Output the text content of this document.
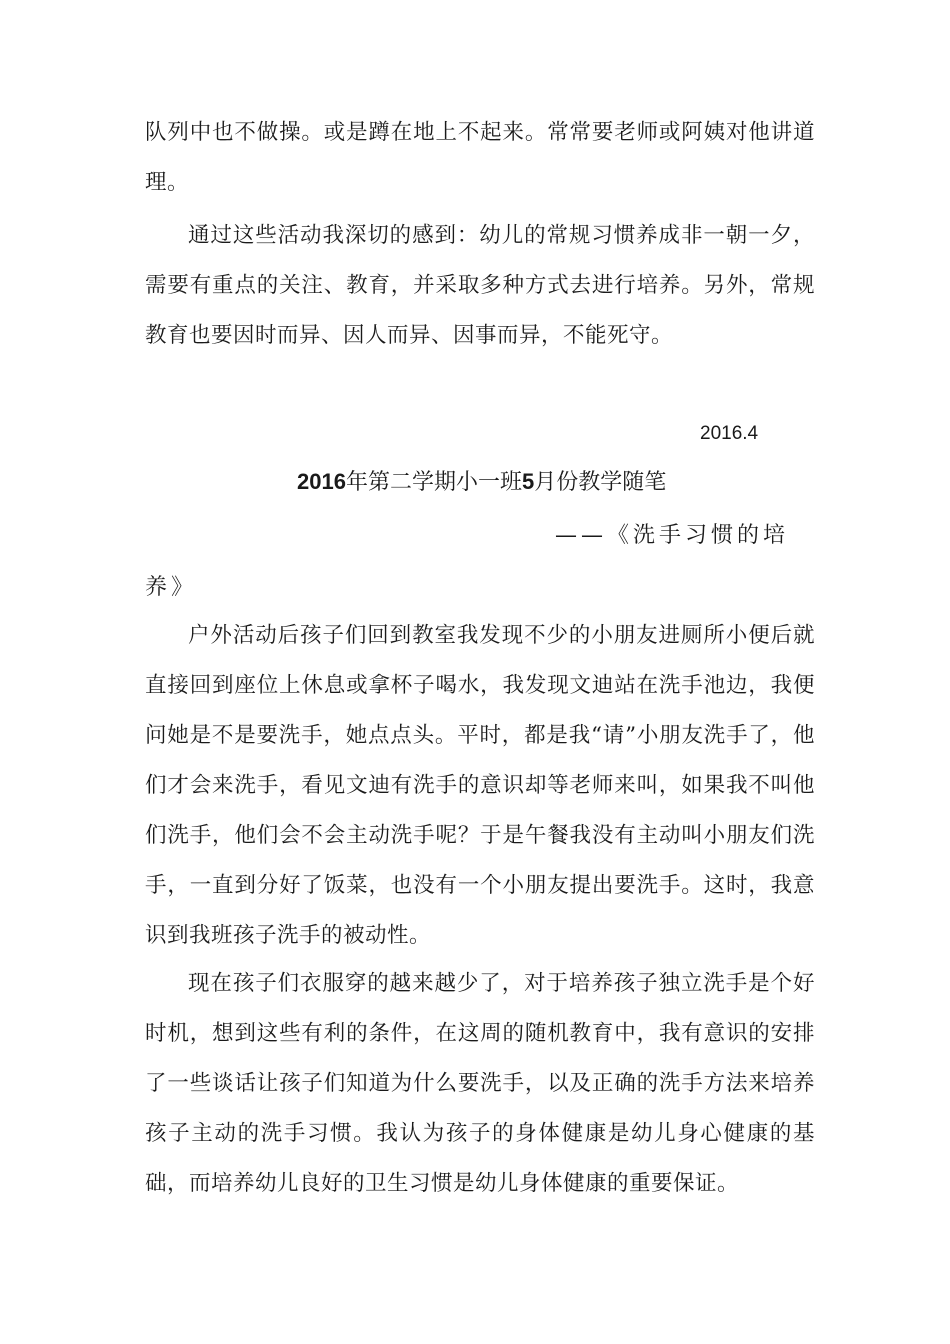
队列中也不做操。或是蹲在地上不起来。常常要老师或阿姨对他讲道理。

通过这些活动我深切的感到：幼儿的常规习惯养成非一朝一夕，需要有重点的关注、教育，并采取多种方式去进行培养。另外，常规教育也要因时而异、因人而异、因事而异，不能死守。

2016.4

2016年第二学期小一班5月份教学随笔

——《洗手习惯的培养》

户外活动后孩子们回到教室我发现不少的小朋友进厕所小便后就直接回到座位上休息或拿杯子喝水，我发现文迪站在洗手池边，我便问她是不是要洗手，她点点头。平时，都是我“请”小朋友洗手了，他们才会来洗手，看见文迪有洗手的意识却等老师来叫，如果我不叫他们洗手，他们会不会主动洗手呢？于是午餐我没有主动叫小朋友们洗手，一直到分好了饭菜，也没有一个小朋友提出要洗手。这时，我意识到我班孩子洗手的被动性。

现在孩子们衣服穿的越来越少了，对于培养孩子独立洗手是个好时机，想到这些有利的条件，在这周的随机教育中，我有意识的安排了一些谈话让孩子们知道为什么要洗手，以及正确的洗手方法来培养孩子主动的洗手习惯。我认为孩子的身体健康是幼儿身心健康的基础，而培养幼儿良好的卫生习惯是幼儿身体健康的重要保证。
